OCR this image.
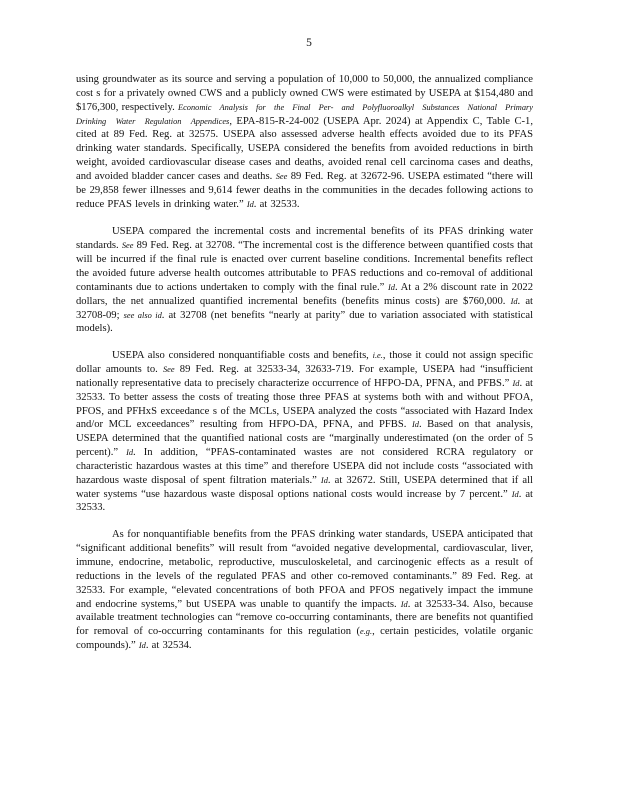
5

using groundwater as its source and serving a population of 10,000 to 50,000, the annualized compliance cost s for a privately owned CWS and a publicly owned CWS were estimated by USEPA at $154,480 and $176,300, respectively. Economic Analysis for the Final Per- and Polyfluoroalkyl Substances National Primary Drinking Water Regulation Appendices, EPA-815-R-24-002 (USEPA Apr. 2024) at Appendix C, Table C-1, cited at 89 Fed. Reg. at 32575. USEPA also assessed adverse health effects avoided due to its PFAS drinking water standards. Specifically, USEPA considered the benefits from avoided reductions in birth weight, avoided cardiovascular disease cases and deaths, avoided renal cell carcinoma cases and deaths, and avoided bladder cancer cases and deaths. See 89 Fed. Reg. at 32672-96. USEPA estimated “there will be 29,858 fewer illnesses and 9,614 fewer deaths in the communities in the decades following actions to reduce PFAS levels in drinking water.” Id. at 32533.

USEPA compared the incremental costs and incremental benefits of its PFAS drinking water standards. See 89 Fed. Reg. at 32708. “The incremental cost is the difference between quantified costs that will be incurred if the final rule is enacted over current baseline conditions. Incremental benefits reflect the avoided future adverse health outcomes attributable to PFAS reductions and co-removal of additional contaminants due to actions undertaken to comply with the final rule.” Id. At a 2% discount rate in 2022 dollars, the net annualized quantified incremental benefits (benefits minus costs) are $760,000. Id. at 32708-09; see also id. at 32708 (net benefits “nearly at parity” due to variation associated with statistical models).

USEPA also considered nonquantifiable costs and benefits, i.e., those it could not assign specific dollar amounts to. See 89 Fed. Reg. at 32533-34, 32633-719. For example, USEPA had “insufficient nationally representative data to precisely characterize occurrence of HFPO-DA, PFNA, and PFBS.” Id. at 32533. To better assess the costs of treating those three PFAS at systems both with and without PFOA, PFOS, and PFHxS exceedance s of the MCLs, USEPA analyzed the costs “associated with Hazard Index and/or MCL exceedances” resulting from HFPO-DA, PFNA, and PFBS. Id. Based on that analysis, USEPA determined that the quantified national costs are “marginally underestimated (on the order of 5 percent).” Id. In addition, “PFAS-contaminated wastes are not considered RCRA regulatory or characteristic hazardous wastes at this time” and therefore USEPA did not include costs “associated with hazardous waste disposal of spent filtration materials.” Id. at 32672. Still, USEPA determined that if all water systems “use hazardous waste disposal options national costs would increase by 7 percent.” Id. at 32533.

As for nonquantifiable benefits from the PFAS drinking water standards, USEPA anticipated that “significant additional benefits” will result from “avoided negative developmental, cardiovascular, liver, immune, endocrine, metabolic, reproductive, musculoskeletal, and carcinogenic effects as a result of reductions in the levels of the regulated PFAS and other co-removed contaminants.” 89 Fed. Reg. at 32533. For example, “elevated concentrations of both PFOA and PFOS negatively impact the immune and endocrine systems,” but USEPA was unable to quantify the impacts. Id. at 32533-34. Also, because available treatment technologies can “remove co-occurring contaminants, there are benefits not quantified for removal of co-occurring contaminants for this regulation (e.g., certain pesticides, volatile organic compounds).” Id. at 32534.
